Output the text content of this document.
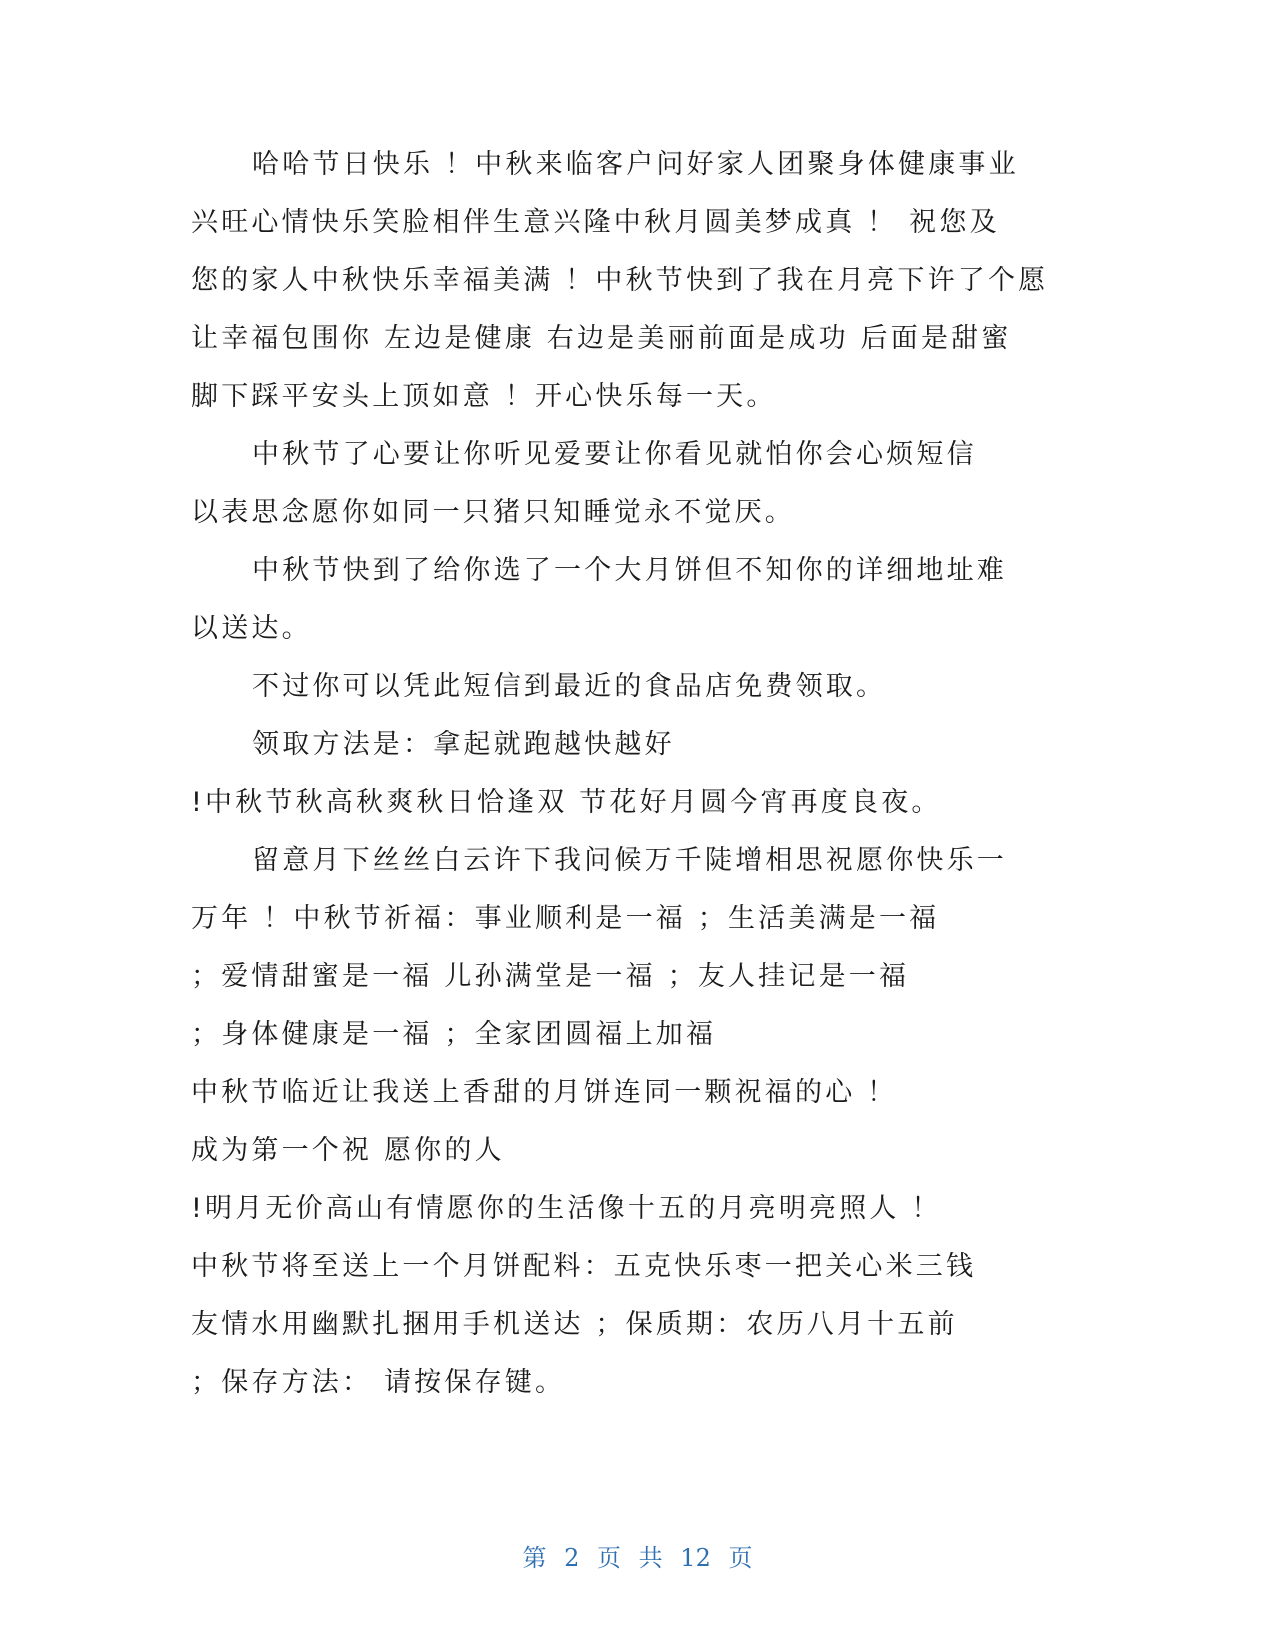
哈哈节日快乐 ！中秋来临客户问好家人团聚身体健康事业
兴旺心情快乐笑脸相伴生意兴隆中秋月圆美梦成真 ！ 祝您及
您的家人中秋快乐幸福美满 ！中秋节快到了我在月亮下许了个愿
让幸福包围你 左边是健康 右边是美丽前面是成功 后面是甜蜜
脚下踩平安头上顶如意 ！开心快乐每一天。
中秋节了心要让你听见爱要让你看见就怕你会心烦短信
以表思念愿你如同一只猪只知睡觉永不觉厌。
中秋节快到了给你选了一个大月饼但不知你的详细地址难
以送达。
不过你可以凭此短信到最近的食品店免费领取。
领取方法是：拿起就跑越快越好
!中秋节秋高秋爽秋日恰逢双 节花好月圆今宵再度良夜。
留意月下丝丝白云许下我问候万千陡增相思祝愿你快乐一
万年 ！中秋节祈福：事业顺利是一福 ；生活美满是一福
；爱情甜蜜是一福 儿孙满堂是一福 ；友人挂记是一福
；身体健康是一福 ；全家团圆福上加福
中秋节临近让我送上香甜的月饼连同一颗祝福的心 ！
成为第一个祝 愿你的人
!明月无价高山有情愿你的生活像十五的月亮明亮照人 ！
中秋节将至送上一个月饼配料：五克快乐枣一把关心米三钱
友情水用幽默扎捆用手机送达 ；保质期：农历八月十五前
；保存方法： 请按保存键。
第 2 页 共 12 页
